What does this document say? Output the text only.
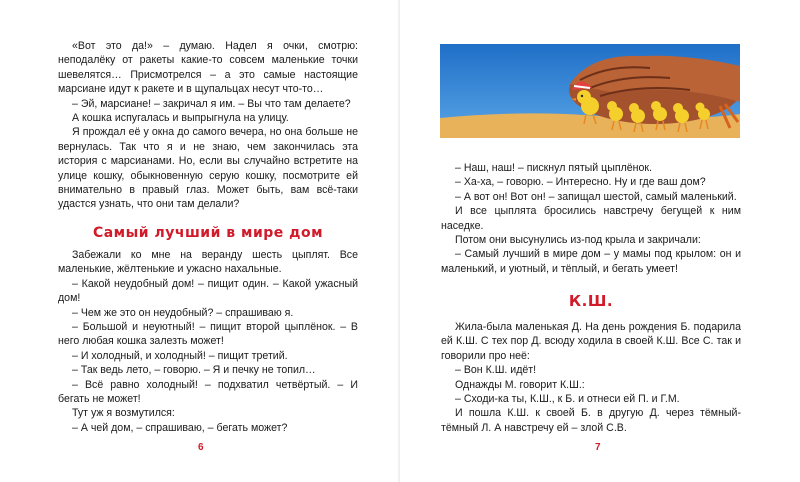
«Вот это да!» – думаю. Надел я очки, смотрю: неподалёку от ракеты какие-то совсем маленькие точки шевелятся… Присмотрелся – а это самые настоящие марсиане идут к ракете и в щупальцах несут что-то…

– Эй, марсиане! – закричал я им. – Вы что там делаете?

А кошка испугалась и выпрыгнула на улицу.

Я прождал её у окна до самого вечера, но она больше не вернулась. Так что я и не знаю, чем закончилась эта история с марсианами. Но, если вы случайно встретите на улице кошку, обыкновенную серую кошку, посмотрите ей внимательно в правый глаз. Может быть, вам всё-таки удастся узнать, что они там делали?

Самый лучший в мире дом

Забежали ко мне на веранду шесть цыплят. Все маленькие, жёлтенькие и ужасно нахальные.

– Какой неудобный дом! – пищит один. – Какой ужасный дом!

– Чем же это он неудобный? – спрашиваю я.

– Большой и неуютный! – пищит второй цыплёнок. – В него любая кошка залезть может!

– И холодный, и холодный! – пищит третий.

– Так ведь лето, – говорю. – Я и печку не топил…

– Всё равно холодный! – подхватил четвёртый. – И бегать не может!

Тут уж я возмутился:

– А чей дом, – спрашиваю, – бегать может?

6

– Наш, наш! – пискнул пятый цыплёнок.

– Ха-ха, – говорю. – Интересно. Ну и где ваш дом?

– А вот он! Вот он! – запищал шестой, самый маленький.

И все цыплята бросились навстречу бегущей к ним наседке.

Потом они высунулись из-под крыла и закричали:

– Самый лучший в мире дом – у мамы под крылом: он и маленький, и уютный, и тёплый, и бегать умеет!

К.Ш.

Жила-была маленькая Д. На день рождения Б. подарила ей К.Ш. С тех пор Д. всюду ходила в своей К.Ш. Все С. так и говорили про неё:

– Вон К.Ш. идёт!

Однажды М. говорит К.Ш.:

– Сходи-ка ты, К.Ш., к Б. и отнеси ей П. и Г.М.

И пошла К.Ш. к своей Б. в другую Д. через тёмный-тёмный Л. А навстречу ей – злой С.В.

7
